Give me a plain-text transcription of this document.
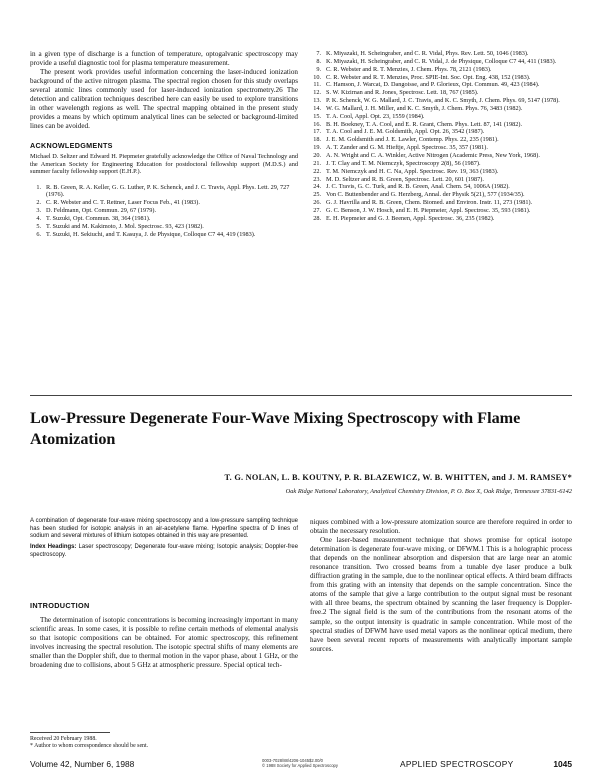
in a given type of discharge is a function of temperature, optogalvanic spectroscopy may provide a useful diagnostic tool for plasma temperature measurement.

The present work provides useful information concerning the laser-induced ionization background of the active nitrogen plasma. The spectral region chosen for this study overlaps several atomic lines commonly used for laser-induced ionization spectrometry.26 The detection and calibration techniques described here can easily be used to explore transitions in other wavelength regions as well. The spectral mapping obtained in the present study provides a means by which optimum analytical lines can be selected or background-limited lines can be avoided.

ACKNOWLEDGMENTS
Michael D. Seltzer and Edward H. Piepmeier gratefully acknowledge the Office of Naval Technology and the American Society for Engineering Education for postdoctoral fellowship support (M.D.S.) and summer faculty fellowship support (E.H.P.).
1. R. B. Green, R. A. Keller, G. G. Luther, P. K. Schenck, and J. C. Travis, Appl. Phys. Lett. 29, 727 (1976).
2. C. R. Webster and C. T. Rettner, Laser Focus Feb., 41 (1983).
3. D. Feldmann, Opt. Commun. 29, 67 (1979).
4. T. Suzuki, Opt. Commun. 38, 364 (1981).
5. T. Suzuki and M. Kakimoto, J. Mol. Spectrosc. 93, 423 (1982).
6. T. Suzuki, H. Sekiuchi, and T. Kasuya, J. de Physique, Colloque C7 44, 419 (1983).
7. K. Miyazaki, H. Scheingraber, and C. R. Vidal, Phys. Rev. Lett. 50, 1046 (1983).
8. K. Miyazaki, H. Scheingraber, and C. R. Vidal, J. de Physique, Colloque C7 44, 411 (1983).
9. C. R. Webster and R. T. Menzies, J. Chem. Phys. 78, 2121 (1983).
10. C. R. Webster and R. T. Menzies, Proc. SPIE-Int. Soc. Opt. Eng. 438, 152 (1983).
11. C. Hamson, J. Warcat, D. Dangoisse, and P. Glorieux, Opt. Commun. 49, 423 (1984).
12. S. W. Kizirnan and R. Jones, Spectrosc. Lett. 18, 767 (1985).
13. P. K. Schenck, W. G. Mallard, J. C. Travis, and K. C. Smyth, J. Chem. Phys. 69, 5147 (1978).
14. W. G. Mallard, J. H. Miller, and K. C. Smyth, J. Chem. Phys. 76, 3483 (1982).
15. T. A. Cool, Appl. Opt. 23, 1559 (1984).
16. B. H. Boekney, T. A. Cool, and E. R. Grant, Chem. Phys. Lett. 87, 141 (1982).
17. T. A. Cool and J. E. M. Goldsmith, Appl. Opt. 26, 3542 (1987).
18. J. E. M. Goldsmith and J. E. Lawler, Contemp. Phys. 22, 235 (1981).
19. A. T. Zander and G. M. Hieftje, Appl. Spectrosc. 35, 357 (1981).
20. A. N. Wright and C. A. Winkler, Active Nitrogen (Academic Press, New York, 1968).
21. J. T. Clay and T. M. Niemczyk, Spectroscopy 2(8), 56 (1987).
22. T. M. Niemczyk and H. C. Na, Appl. Spectrosc. Rev. 19, 363 (1983).
23. M. D. Seltzer and R. B. Green, Spectrosc. Lett. 20, 601 (1987).
24. J. C. Travis, G. C. Turk, and R. B. Green, Anal. Chem. 54, 1006A (1982).
25. Von C. Buttenbender and G. Herzberg, Annal. der Physik 5(21), 577 (1934/35).
26. G. J. Havrilla and R. B. Green, Chem. Biomed. and Environ. Instr. 11, 273 (1981).
27. G. C. Benson, J. W. Hosch, and E. H. Piepmeier, Appl. Spectrosc. 35, 593 (1981).
28. E. H. Piepmeier and G. J. Beenen, Appl. Spectrosc. 36, 235 (1982).
Low-Pressure Degenerate Four-Wave Mixing Spectroscopy with Flame Atomization
T. G. NOLAN, L. B. KOUTNY, P. R. BLAZEWICZ, W. B. WHITTEN, and J. M. RAMSEY*
Oak Ridge National Laboratory, Analytical Chemistry Division, P. O. Box X, Oak Ridge, Tennessee 37831-6142

A combination of degenerate four-wave mixing spectroscopy and a low-pressure sampling technique has been studied for isotopic analysis in an air-acetylene flame. Hyperfine spectra of D lines of sodium and several mixtures of lithium isotopes obtained in this way are presented.

Index Headings: Laser spectroscopy; Degenerate four-wave mixing; Isotopic analysis; Doppler-free spectroscopy.

INTRODUCTION

The determination of isotopic concentrations is becoming increasingly important in many scientific areas. In some cases, it is possible to refine certain methods of elemental analysis so that isotopic compositions can be obtained. For atomic spectroscopy, this refinement involves increasing the spectral resolution. The isotopic spectral shifts of many elements are smaller than the Doppler shift, due to thermal motion in the vapor phase, about 1 GHz, or the broadening due to collisions, about 5 GHz at atmospheric pressure. Special optical tech-

niques combined with a low-pressure atomization source are therefore required in order to obtain the necessary resolution.

One laser-based measurement technique that shows promise for optical isotope determination is degenerate four-wave mixing, or DFWM.1 This is a holographic process that depends on the nonlinear absorption and dispersion that are large near an atomic resonance transition. Two crossed beams from a tunable dye laser produce a bulk diffraction grating in the sample, due to the nonlinear optical effects. A third beam diffracts from this grating with an intensity that depends on the sample concentration. Since the atoms of the sample that give a large contribution to the output signal must be resonant with all three beams, the spectrum obtained by scanning the laser frequency is Doppler-free.2 The signal field is the sum of the contributions from the resonant atoms of the sample, so the output intensity is quadratic in sample concentration. While most of the spectral studies of DFWM have used metal vapors as the nonlinear optical medium, there have been several recent reports of measurements with analytically important sample sources.

Received 20 February 1988.
* Author to whom correspondence should be sent.
Volume 42, Number 6, 1988	0003-7028/88/4206-1045$2.00/0
© 1988 Society for Applied Spectroscopy	APPLIED SPECTROSCOPY	1045
